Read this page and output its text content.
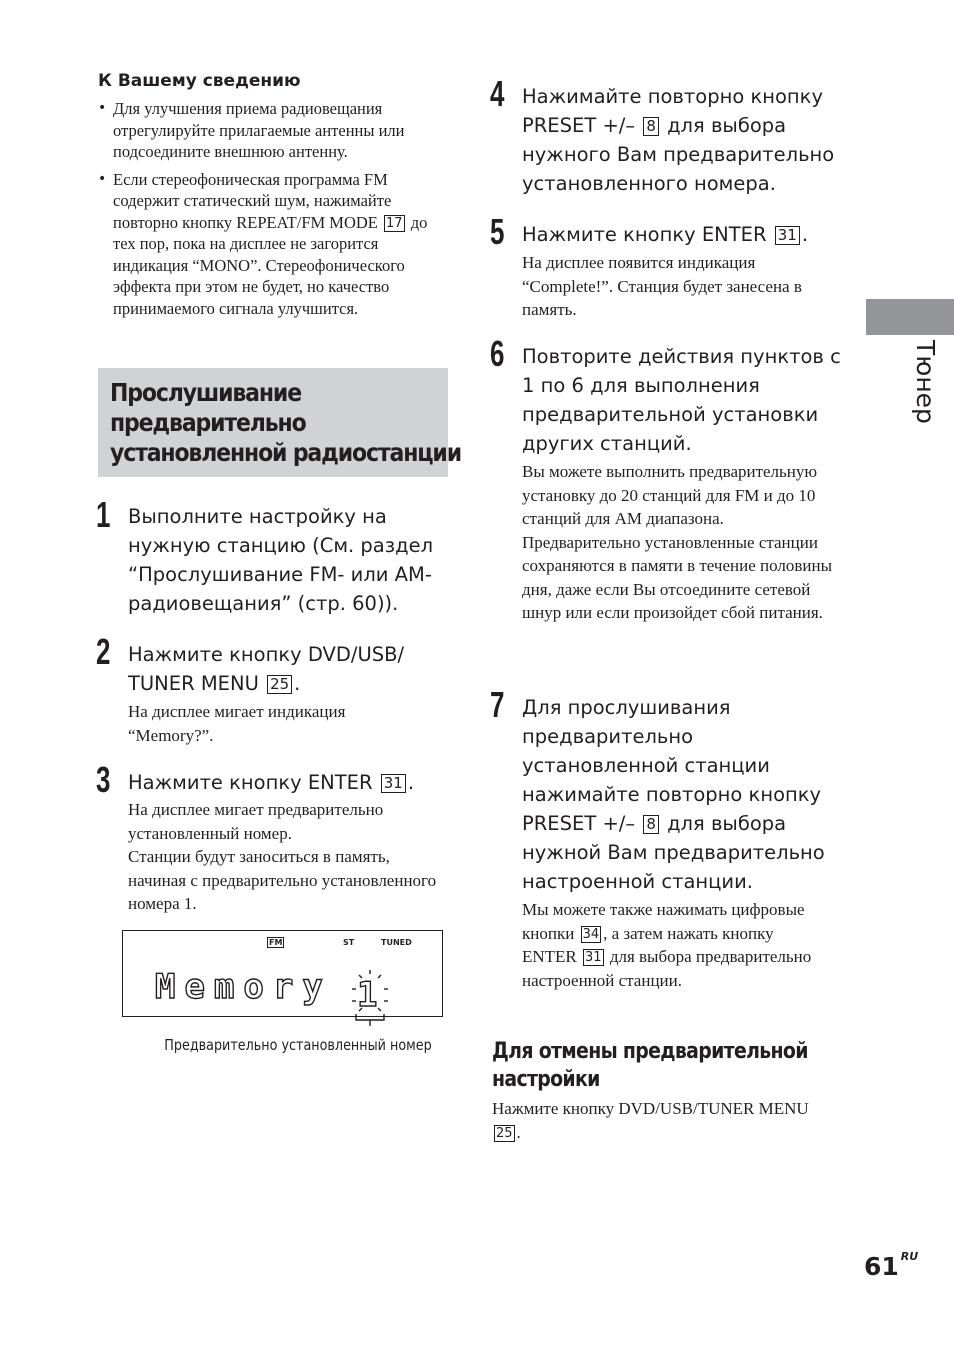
К Вашему сведению
• Для улучшения приема радиовещания отрегулируйте прилагаемые антенны или подсоедините внешнюю антенну.
• Если стереофоническая программа FM содержит статический шум, нажимайте повторно кнопку REPEAT/FM MODE 17 до тех пор, пока на дисплее не загорится индикация “MONO”. Стереофонического эффекта при этом не будет, но качество принимаемого сигнала улучшится.
Прослушивание
предварительно
установленной радиостанции
1 Выполните настройку на нужную станцию (См. раздел “Прослушивание FM- или AM-радиовещания” (стр. 60)).
2 Нажмите кнопку DVD/USB/ TUNER MENU 25 .
На дисплее мигает индикация “Memory?”.
3 Нажмите кнопку ENTER 31 .
На дисплее мигает предварительно установленный номер.
Станции будут заноситься в память, начиная с предварительно установленного номера 1.
FM	ST	TUNED
Memory 1
Предварительно установленный номер
4 Нажимайте повторно кнопку PRESET +/– 8 для выбора нужного Вам предварительно установленного номера.
5 Нажмите кнопку ENTER 31 .
На дисплее появится индикация “Complete!”. Станция будет занесена в память.
6 Повторите действия пунктов с 1 по 6 для выполнения предварительной установки других станций.
Вы можете выполнить предварительную установку до 20 станций для FM и до 10 станций для AM диапазона.
Предварительно установленные станции сохраняются в памяти в течение половины дня, даже если Вы отсоедините сетевой шнур или если произойдет сбой питания.
7 Для прослушивания предварительно установленной станции нажимайте повторно кнопку PRESET +/– 8 для выбора нужной Вам предварительно настроенной станции.
Мы можете также нажимать цифровые кнопки 34 , а затем нажать кнопку ENTER 31 для выбора предварительно настроенной станции.
Для отмены предварительной
настройки
Нажмите кнопку DVD/USB/TUNER MENU 25 .
Тюнер
61 $^{RU}$
